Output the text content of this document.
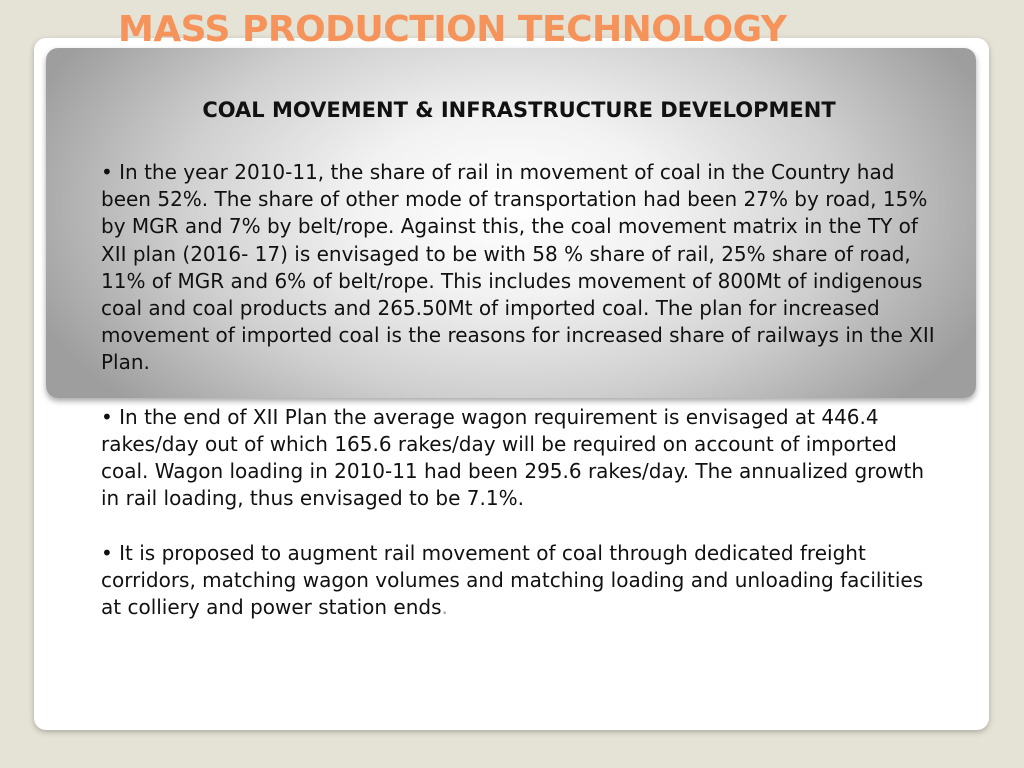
MASS PRODUCTION TECHNOLOGY
COAL MOVEMENT & INFRASTRUCTURE DEVELOPMENT

• In the year 2010-11, the share of rail in movement of coal in the Country had been 52%. The share of other mode of transportation had been 27% by road, 15% by MGR and 7% by belt/rope. Against this, the coal movement matrix in the TY of XII plan (2016- 17) is envisaged to be with 58 % share of rail, 25% share of road, 11% of MGR and 6% of belt/rope. This includes movement of 800Mt of indigenous coal and coal products and 265.50Mt of imported coal. The plan for increased movement of imported coal is the reasons for increased share of railways in the XII Plan.

• In the end of XII Plan the average wagon requirement is envisaged at 446.4 rakes/day out of which 165.6 rakes/day will be required on account of imported coal. Wagon loading in 2010-11 had been 295.6 rakes/day. The annualized growth in rail loading, thus envisaged to be 7.1%.

• It is proposed to augment rail movement of coal through dedicated freight corridors, matching wagon volumes and matching loading and unloading facilities at colliery and power station ends.
